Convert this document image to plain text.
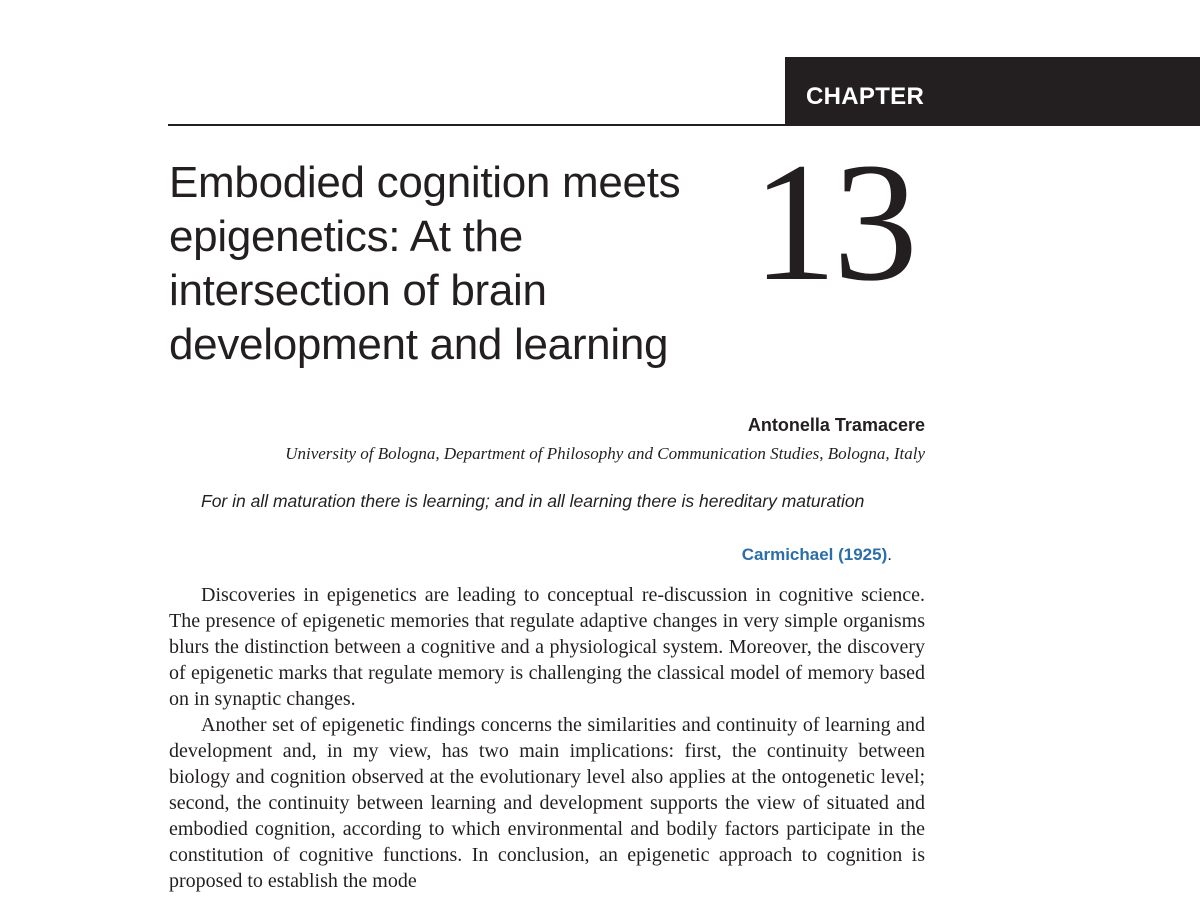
CHAPTER
13
Embodied cognition meets epigenetics: At the intersection of brain development and learning
Antonella Tramacere
University of Bologna, Department of Philosophy and Communication Studies, Bologna, Italy
For in all maturation there is learning; and in all learning there is hereditary maturation
Carmichael (1925).

Discoveries in epigenetics are leading to conceptual re-discussion in cognitive science. The presence of epigenetic memories that regulate adaptive changes in very simple organisms blurs the distinction between a cognitive and a physiological system. Moreover, the discovery of epigenetic marks that regulate memory is challenging the classical model of memory based on in synaptic changes.

Another set of epigenetic findings concerns the similarities and continuity of learning and development and, in my view, has two main implications: first, the continuity between biology and cognition observed at the evolutionary level also applies at the ontogenetic level; second, the continuity between learning and development supports the view of situated and embodied cognition, according to which environmental and bodily factors participate in the constitution of cognitive functions. In conclusion, an epigenetic approach to cognition is proposed to establish the mode
